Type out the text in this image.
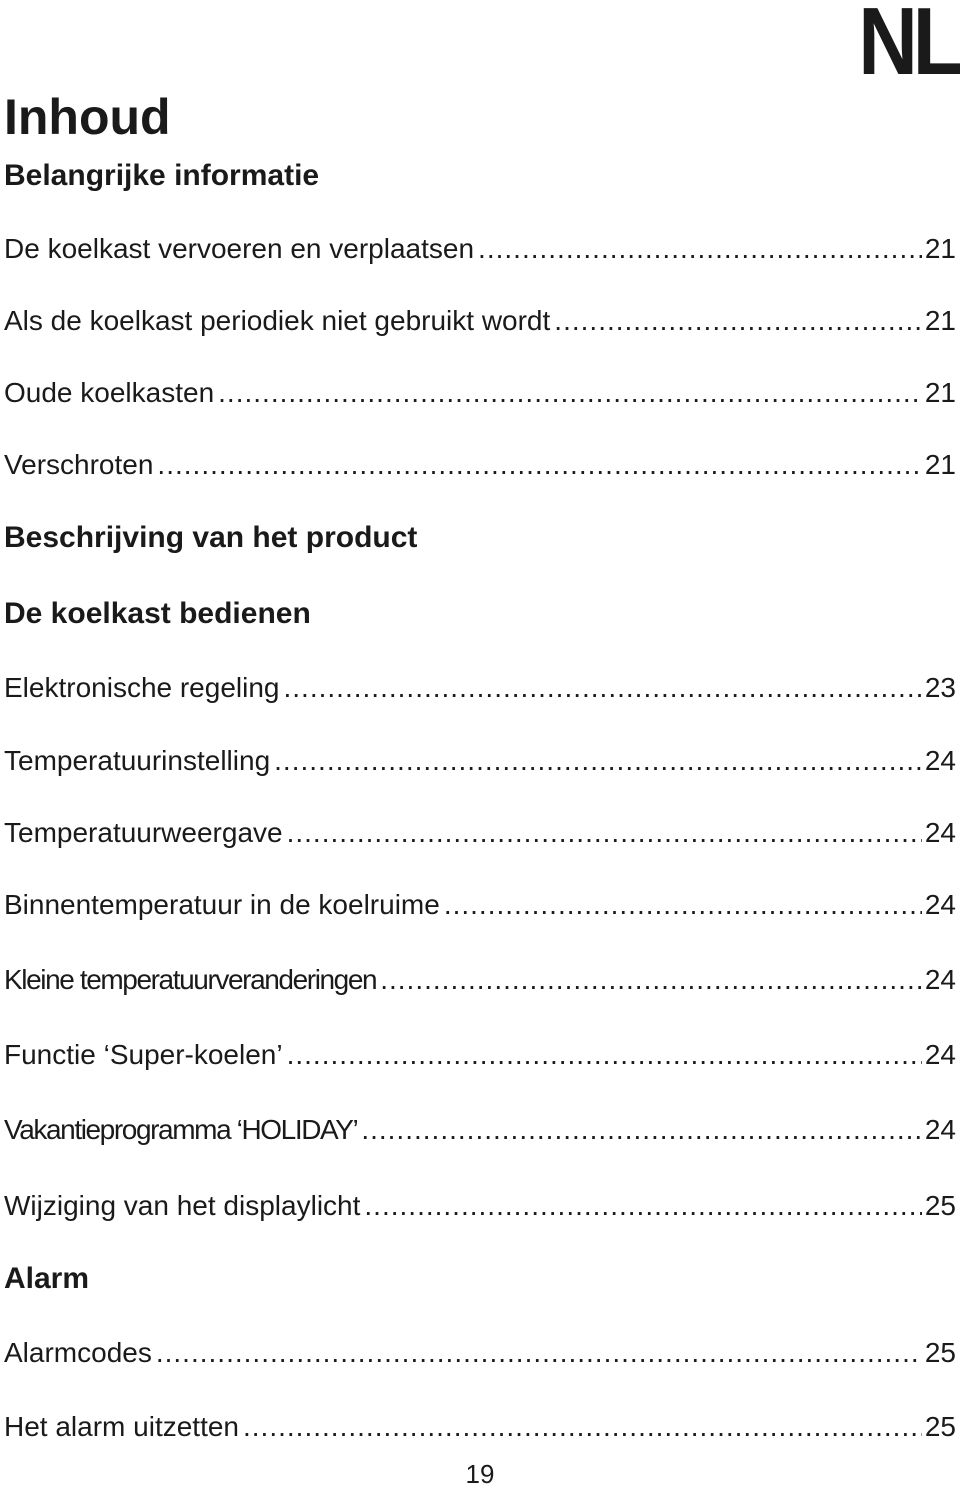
NL
Inhoud
Belangrijke informatie
De koelkast vervoeren en verplaatsen .....	21
Als de koelkast periodiek niet gebruikt wordt .....	21
Oude koelkasten .....	21
Verschroten .....	21
Beschrijving van het product
De koelkast bedienen
Elektronische regeling .....	23
Temperatuurinstelling .....	24
Temperatuurweergave .....	24
Binnentemperatuur in de koelruime .....	24
Kleine temperatuurveranderingen .....	24
Functie ‘Super-koelen’ .....	24
Vakantieprogramma ‘HOLIDAY’ .....	24
Wijziging van het displaylicht .....	25
Alarm
Alarmcodes .....	25
Het alarm uitzetten .....	25
19
